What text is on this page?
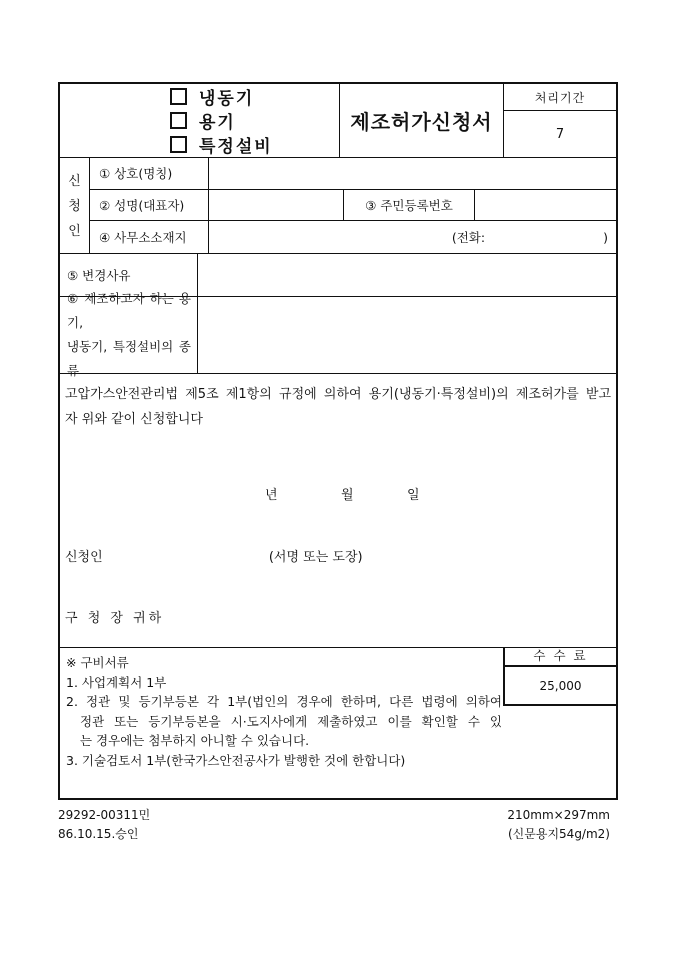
냉동기
용기
특정설비
제조허가신청서
처리기간
7
신청인
① 상호(명칭)
② 성명(대표자)	③ 주민등록번호
④ 사무소소재지	(전화:	)
⑤ 변경사유
⑥ 제조하고자 하는 용기,
냉동기, 특정설비의 종류
고압가스안전관리법 제5조 제1항의 규정에 의하여 용기(냉동기·특정설비)의 제조허가를 받고
자 위와 같이 신청합니다
년	월	일
신청인	(서명 또는 도장)
구 청 장 귀하
※ 구비서류
1. 사업계획서 1부
2. 정관 및 등기부등본 각 1부(법인의 경우에 한하며, 다른 법령에 의하여
정관 또는 등기부등본을 시·도지사에게 제출하였고 이를 확인할 수 있
는 경우에는 첨부하지 아니할 수 있습니다.
3. 기술검토서 1부(한국가스안전공사가 발행한 것에 한합니다)
수 수 료
25,000
29292-00311민
86.10.15.승인
210mm×297mm
(신문용지54g/m2)
